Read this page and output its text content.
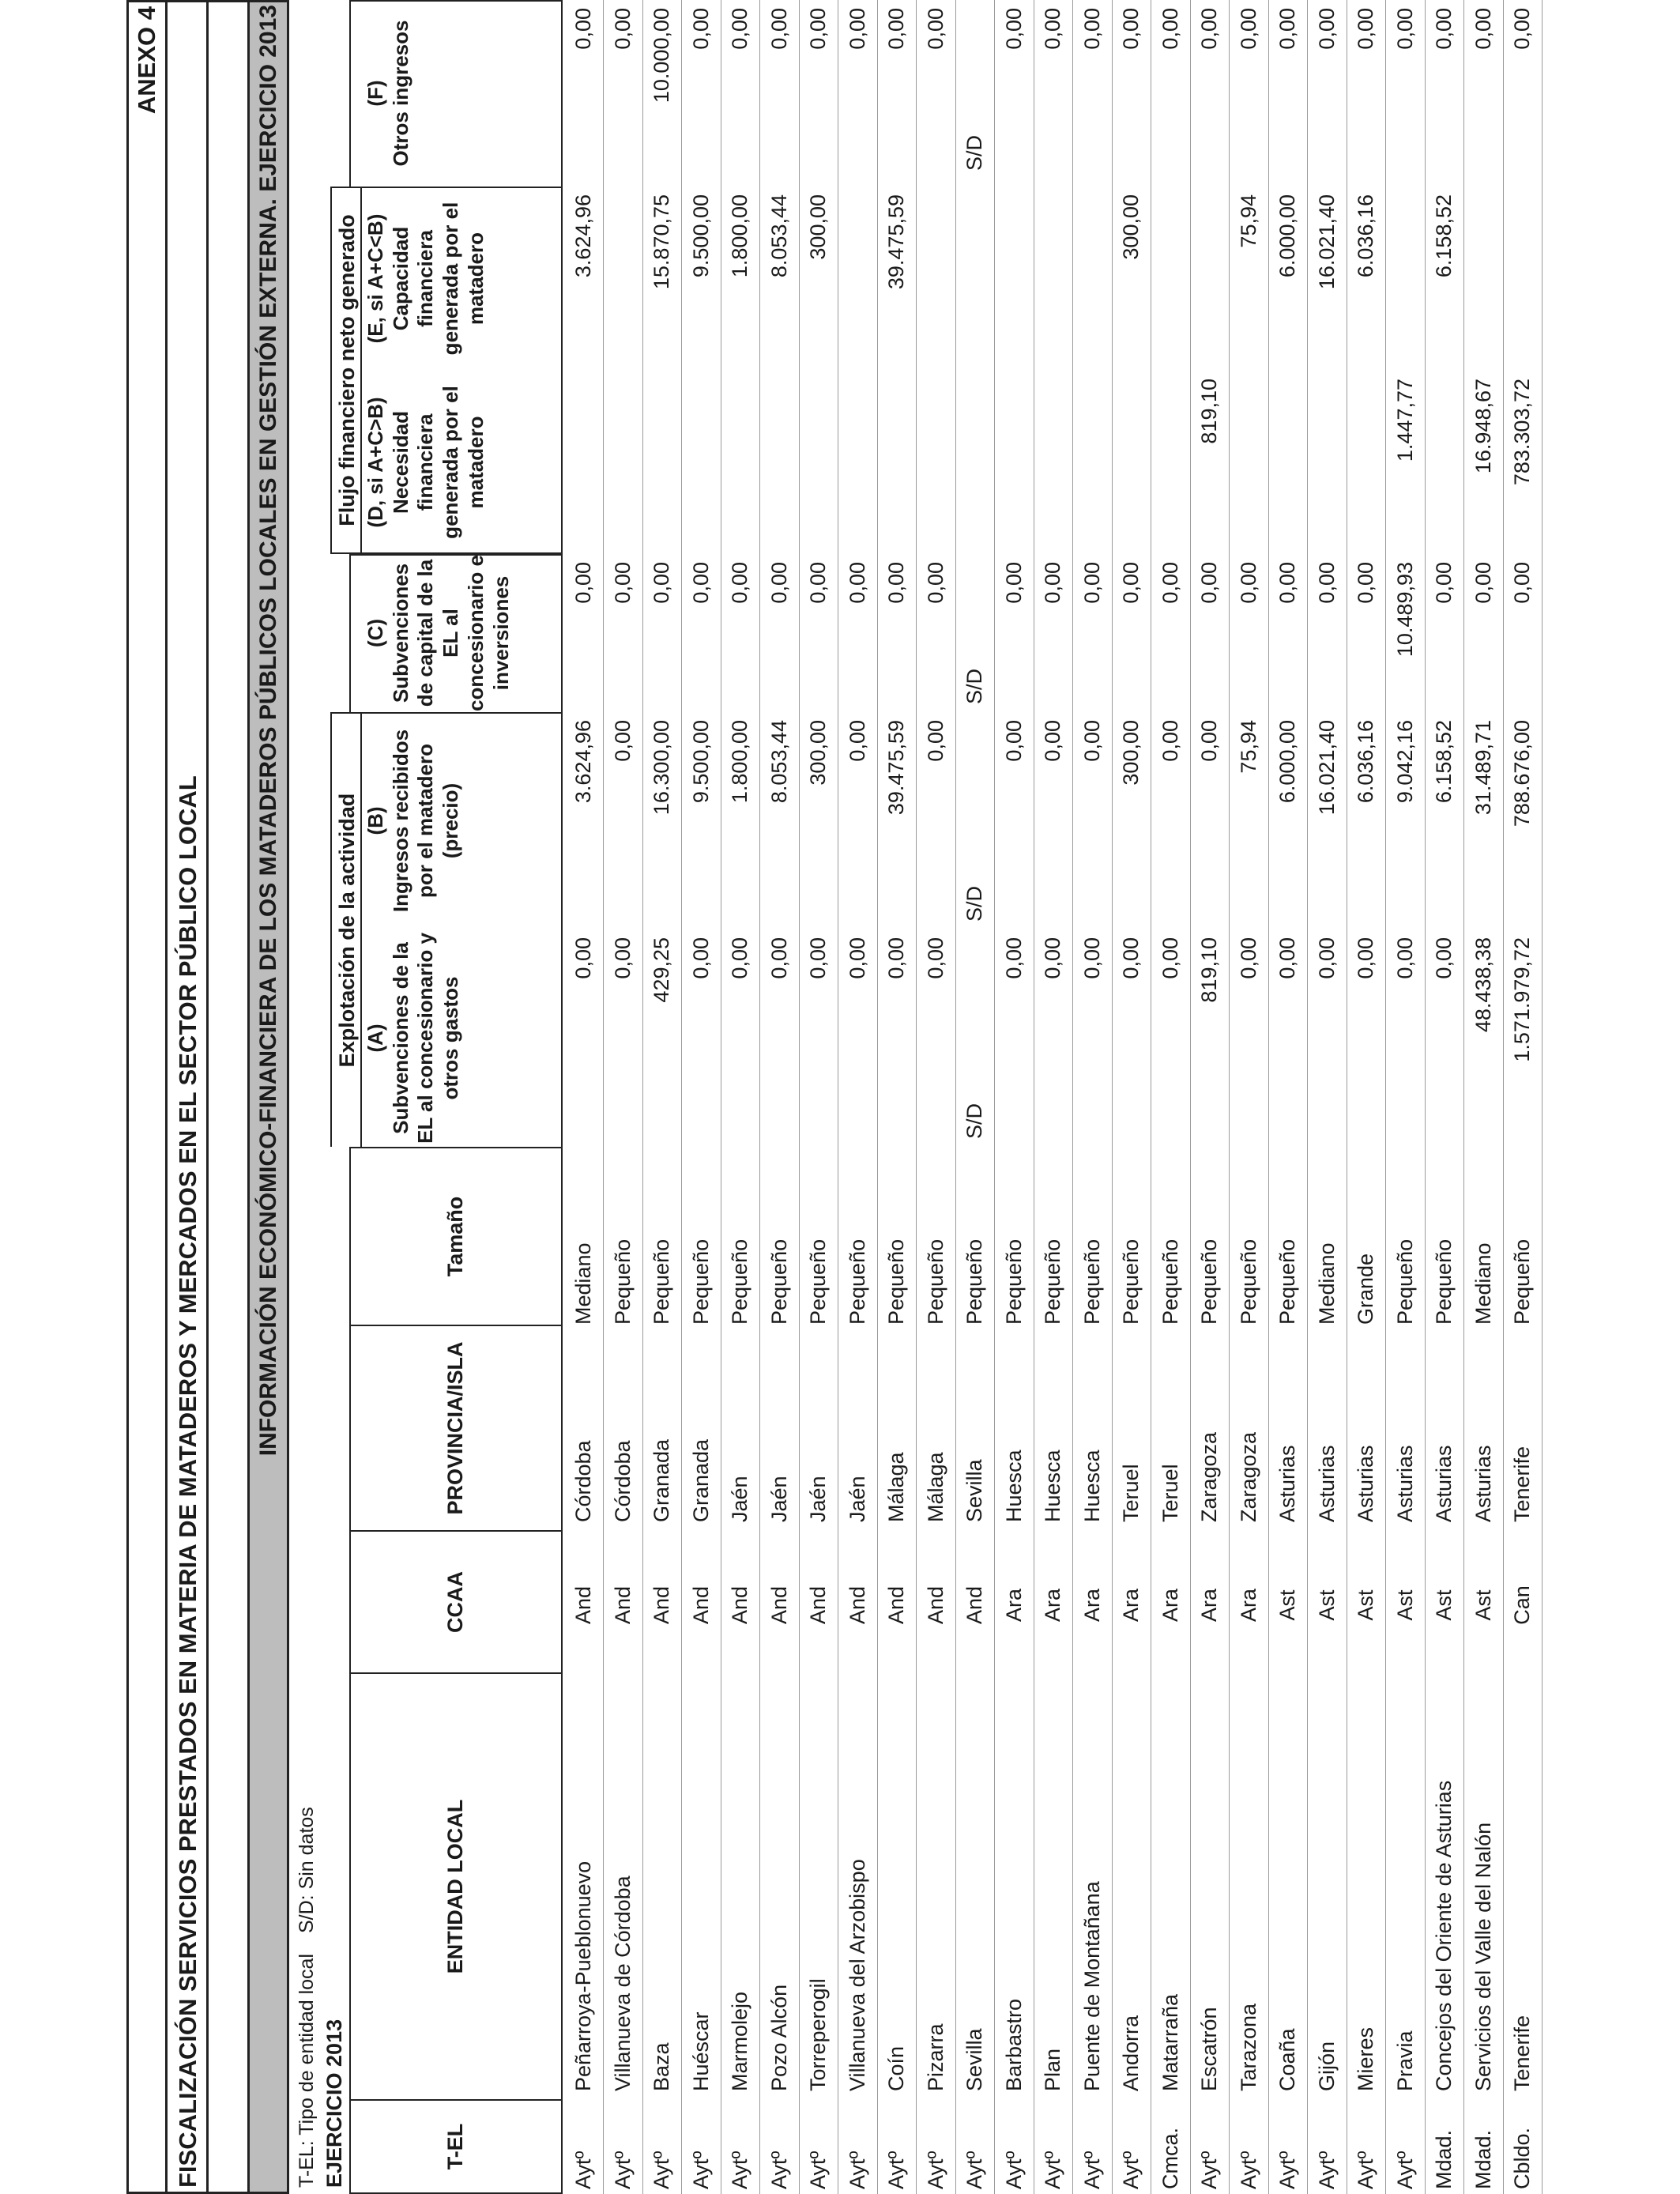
ANEXO 4
FISCALIZACIÓN SERVICIOS PRESTADOS EN MATERIA DE MATADEROS Y MERCADOS EN EL SECTOR PÚBLICO LOCAL
INFORMACIÓN ECONÓMICO-FINANCIERA DE LOS MATADEROS PÚBLICOS LOCALES EN GESTIÓN EXTERNA. EJERCICIO 2013
T-EL: Tipo de entidad local
S/D: Sin datos
EJERCICIO 2013	T-EL
ENTIDAD LOCAL
CCAA
PROVINCIA/ISLA
Tamaño
Explotación de la actividad
Flujo financiero neto generado
(A)
Subvenciones de la EL al concesionario y otros gastos
(B)
Ingresos recibidos por el matadero (precio)
(C)
Subvenciones de capital de la EL al concesionario e inversiones
(D, si A+C>B)
Necesidad financiera generada por el matadero
(E, si A+C<B)
Capacidad financiera generada por el matadero
(F)
Otros ingresos
Aytº
Peñarroya-Pueblonuevo
And
Córdoba
Mediano
0,00
3.624,96
0,00
3.624,96
0,00
Aytº
Villanueva de Córdoba
And
Córdoba
Pequeño
0,00
0,00
0,00
0,00
Aytº
Baza
And
Granada
Pequeño
429,25
16.300,00
0,00
15.870,75
10.000,00
Aytº
Huéscar
And
Granada
Pequeño
0,00
9.500,00
0,00
9.500,00
0,00
Aytº
Marmolejo
And
Jaén
Pequeño
0,00
1.800,00
0,00
1.800,00
0,00
Aytº
Pozo Alcón
And
Jaén
Pequeño
0,00
8.053,44
0,00
8.053,44
0,00
Aytº
Torreperogil
And
Jaén
Pequeño
0,00
300,00
0,00
300,00
0,00
Aytº
Villanueva del Arzobispo
And
Jaén
Pequeño
0,00
0,00
0,00
0,00
Aytº
Coín
And
Málaga
Pequeño
0,00
39.475,59
0,00
39.475,59
0,00
Aytº
Pizarra
And
Málaga
Pequeño
0,00
0,00
0,00
0,00
Aytº
Sevilla
And
Sevilla
Pequeño
S/D
S/D
S/D
S/D
Aytº
Barbastro
Ara
Huesca
Pequeño
0,00
0,00
0,00
0,00
Aytº
Plan
Ara
Huesca
Pequeño
0,00
0,00
0,00
0,00
Aytº
Puente de Montañana
Ara
Huesca
Pequeño
0,00
0,00
0,00
0,00
Aytº
Andorra
Ara
Teruel
Pequeño
0,00
300,00
0,00
300,00
0,00
Cmca.
Matarraña
Ara
Teruel
Pequeño
0,00
0,00
0,00
0,00
Aytº
Escatrón
Ara
Zaragoza
Pequeño
819,10
0,00
0,00
819,10
0,00
Aytº
Tarazona
Ara
Zaragoza
Pequeño
0,00
75,94
0,00
75,94
0,00
Aytº
Coaña
Ast
Asturias
Pequeño
0,00
6.000,00
0,00
6.000,00
0,00
Aytº
Gijón
Ast
Asturias
Mediano
0,00
16.021,40
0,00
16.021,40
0,00
Aytº
Mieres
Ast
Asturias
Grande
0,00
6.036,16
0,00
6.036,16
0,00
Aytº
Pravia
Ast
Asturias
Pequeño
0,00
9.042,16
10.489,93
1.447,77
0,00
Mdad.
Concejos del Oriente de Asturias
Ast
Asturias
Pequeño
0,00
6.158,52
0,00
6.158,52
0,00
Mdad.
Servicios del Valle del Nalón
Ast
Asturias
Mediano
48.438,38
31.489,71
0,00
16.948,67
0,00
Cbldo.
Tenerife
Can
Tenerife
Pequeño
1.571.979,72
788.676,00
0,00
783.303,72
0,00
